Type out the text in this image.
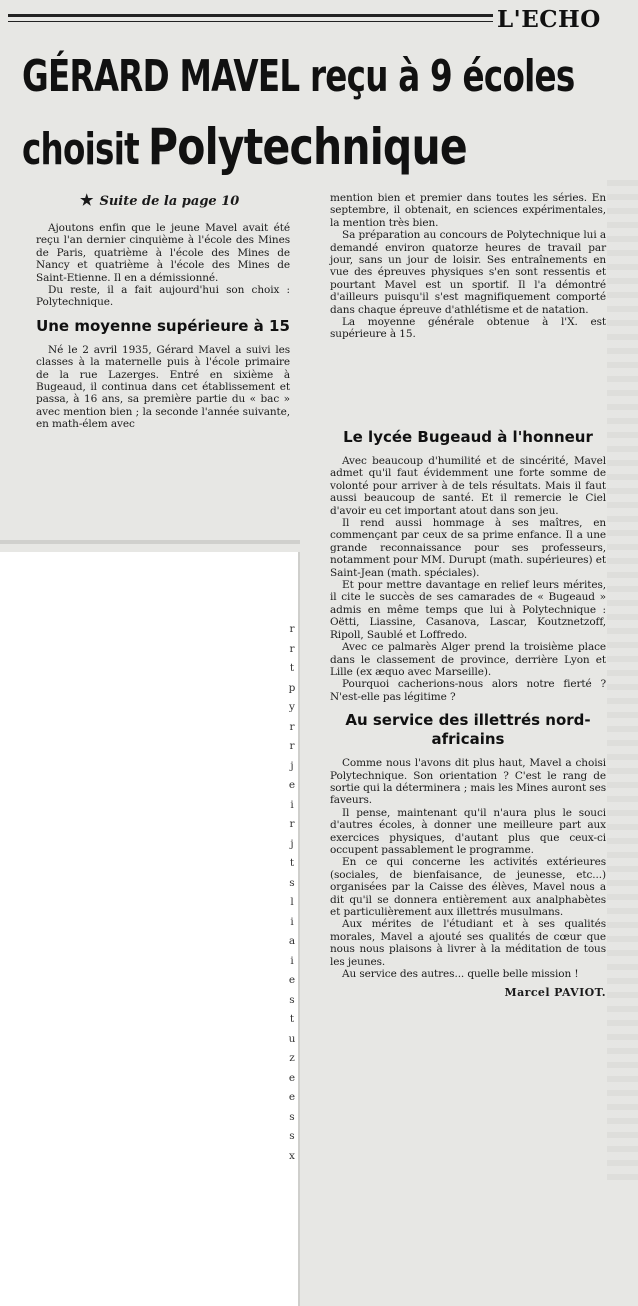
L'ECHO
GÉRARD MAVEL reçu à 9 écoles
choisit Polytechnique
★ Suite de la page 10

Ajoutons enfin que le jeune Mavel avait été reçu l'an dernier cinquième à l'école des Mines de Paris, quatrième à l'école des Mines de Nancy et quatrième à l'école des Mines de Saint-Etienne. Il en a démissionné.

Du reste, il a fait aujourd'hui son choix : Polytechnique.

Une moyenne supérieure à 15

Né le 2 avril 1935, Gérard Mavel a suivi les classes à la maternelle puis à l'école primaire de la rue Lazerges. Entré en sixième à Bugeaud, il continua dans cet établissement et passa, à 16 ans, sa première partie du « bac » avec mention bien ; la seconde l'année suivante, en math-élem avec

mention bien et premier dans toutes les séries. En septembre, il obtenait, en sciences expérimentales, la mention très bien.

Sa préparation au concours de Polytechnique lui a demandé environ quatorze heures de travail par jour, sans un jour de loisir. Ses entraînements en vue des épreuves physiques s'en sont ressentis et pourtant Mavel est un sportif. Il l'a démontré d'ailleurs puisqu'il s'est magnifiquement comporté dans chaque épreuve d'athlétisme et de natation.

La moyenne générale obtenue à l'X. est supérieure à 15.

Le lycée Bugeaud à l'honneur

Avec beaucoup d'humilité et de sincérité, Mavel admet qu'il faut évidemment une forte somme de volonté pour arriver à de tels résultats. Mais il faut aussi beaucoup de santé. Et il remercie le Ciel d'avoir eu cet important atout dans son jeu.

Il rend aussi hommage à ses maîtres, en commençant par ceux de sa prime enfance. Il a une grande reconnaissance pour ses professeurs, notamment pour MM. Durupt (math. supérieures) et Saint-Jean (math. spéciales).

Et pour mettre davantage en relief leurs mérites, il cite le succès de ses camarades de « Bugeaud » admis en même temps que lui à Polytechnique : Oëtti, Liassine, Casanova, Lascar, Koutznetzoff, Ripoll, Saublé et Loffredo.

Avec ce palmarès Alger prend la troisième place dans le classement de province, derrière Lyon et Lille (ex æquo avec Marseille).

Pourquoi cacherions-nous alors notre fierté ? N'est-elle pas légitime ?

Au service des illettrés nord-africains

Comme nous l'avons dit plus haut, Mavel a choisi Polytechnique. Son orientation ? C'est le rang de sortie qui la déterminera ; mais les Mines auront ses faveurs.

Il pense, maintenant qu'il n'aura plus le souci d'autres écoles, à donner une meilleure part aux exercices physiques, d'autant plus que ceux-ci occupent passablement le programme.

En ce qui concerne les activités extérieures (sociales, de bienfaisance, de jeunesse, etc...) organisées par la Caisse des élèves, Mavel nous a dit qu'il se donnera entièrement aux analphabètes et particulièrement aux illettrés musulmans.

Aux mérites de l'étudiant et à ses qualités morales, Mavel a ajouté ses qualités de cœur que nous nous plaisons à livrer à la méditation de tous les jeunes.

Au service des autres... quelle belle mission !

Marcel PAVIOT.

r
r
t
p
y
r
r
j
e
i
r
j
t
s
l
i
a
i
e
s
t
u
z
e
e
s
s
x
